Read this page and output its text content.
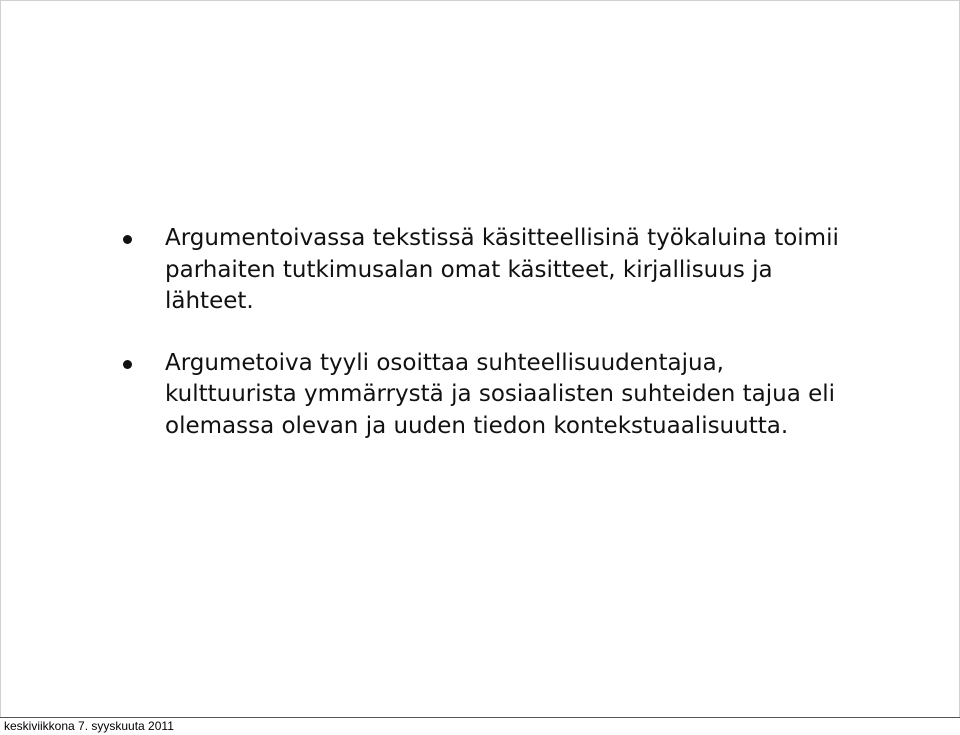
Argumentoivassa tekstissä käsitteellisinä työkaluina toimii parhaiten tutkimusalan omat käsitteet, kirjallisuus ja lähteet.
Argumetoiva tyyli osoittaa suhteellisuudentajua, kulttuurista ymmärrystä ja sosiaalisten suhteiden tajua eli olemassa olevan ja uuden tiedon kontekstuaalisuutta.
keskiviikkona 7. syyskuuta 2011
